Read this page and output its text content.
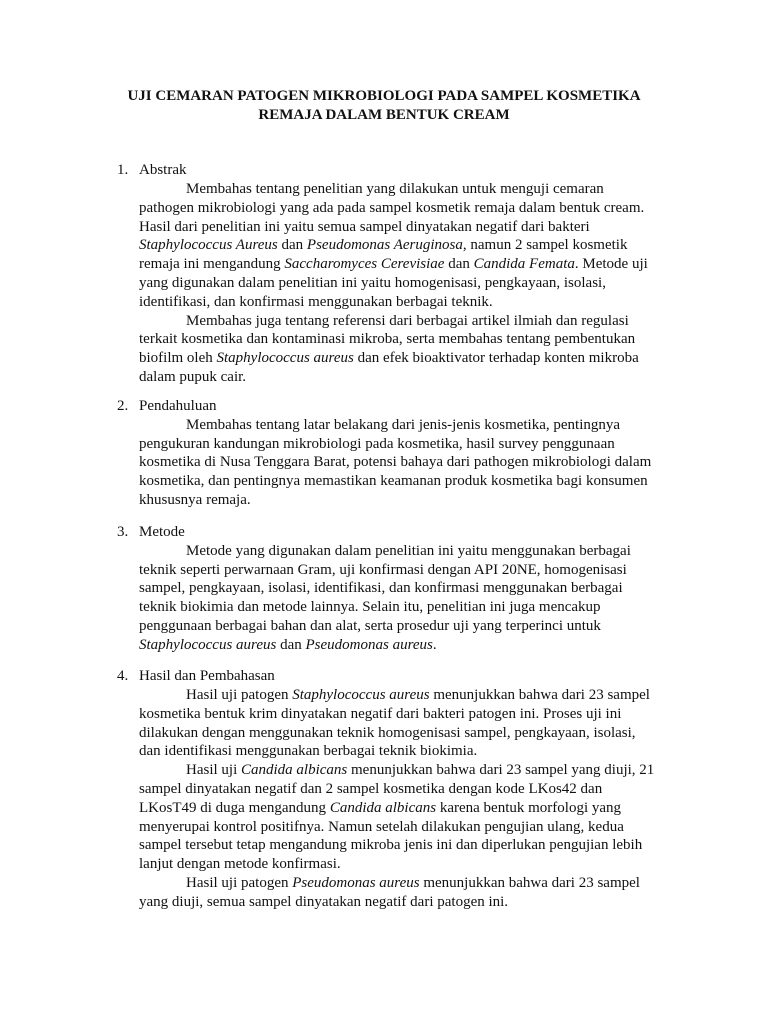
UJI CEMARAN PATOGEN MIKROBIOLOGI PADA SAMPEL KOSMETIKA
REMAJA DALAM BENTUK CREAM
1. Abstrak
Membahas tentang penelitian yang dilakukan untuk menguji cemaran
pathogen mikrobiologi yang ada pada sampel kosmetik remaja dalam bentuk cream.
Hasil dari penelitian ini yaitu semua sampel dinyatakan negatif dari bakteri
Staphylococcus Aureus dan Pseudomonas Aeruginosa, namun 2 sampel kosmetik
remaja ini mengandung Saccharomyces Cerevisiae dan Candida Femata. Metode uji
yang digunakan dalam penelitian ini yaitu homogenisasi, pengkayaan, isolasi,
identifikasi, dan konfirmasi menggunakan berbagai teknik.
Membahas juga tentang referensi dari berbagai artikel ilmiah dan regulasi
terkait kosmetika dan kontaminasi mikroba, serta membahas tentang pembentukan
biofilm oleh Staphylococcus aureus dan efek bioaktivator terhadap konten mikroba
dalam pupuk cair.
2. Pendahuluan
Membahas tentang latar belakang dari jenis-jenis kosmetika, pentingnya
pengukuran kandungan mikrobiologi pada kosmetika, hasil survey penggunaan
kosmetika di Nusa Tenggara Barat, potensi bahaya dari pathogen mikrobiologi dalam
kosmetika, dan pentingnya memastikan keamanan produk kosmetika bagi konsumen
khususnya remaja.
3. Metode
Metode yang digunakan dalam penelitian ini yaitu menggunakan berbagai
teknik seperti perwarnaan Gram, uji konfirmasi dengan API 20NE, homogenisasi
sampel, pengkayaan, isolasi, identifikasi, dan konfirmasi menggunakan berbagai
teknik biokimia dan metode lainnya. Selain itu, penelitian ini juga mencakup
penggunaan berbagai bahan dan alat, serta prosedur uji yang terperinci untuk
Staphylococcus aureus dan Pseudomonas aureus.
4. Hasil dan Pembahasan
Hasil uji patogen Staphylococcus aureus menunjukkan bahwa dari 23 sampel
kosmetika bentuk krim dinyatakan negatif dari bakteri patogen ini. Proses uji ini
dilakukan dengan menggunakan teknik homogenisasi sampel, pengkayaan, isolasi,
dan identifikasi menggunakan berbagai teknik biokimia.
Hasil uji Candida albicans menunjukkan bahwa dari 23 sampel yang diuji, 21
sampel dinyatakan negatif dan 2 sampel kosmetika dengan kode LKos42 dan
LKosT49 di duga mengandung Candida albicans karena bentuk morfologi yang
menyerupai kontrol positifnya. Namun setelah dilakukan pengujian ulang, kedua
sampel tersebut tetap mengandung mikroba jenis ini dan diperlukan pengujian lebih
lanjut dengan metode konfirmasi.
Hasil uji patogen Pseudomonas aureus menunjukkan bahwa dari 23 sampel
yang diuji, semua sampel dinyatakan negatif dari patogen ini.
